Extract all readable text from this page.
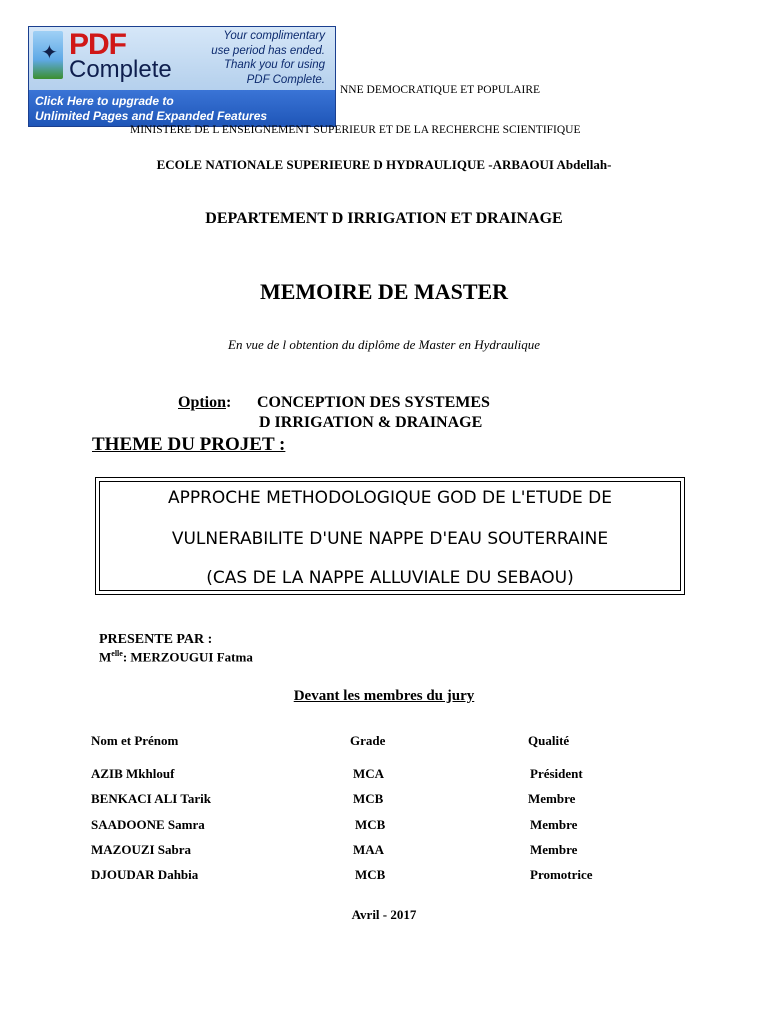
✦ PDF
Complete
Your complimentary
use period has ended.
Thank you for using
PDF Complete.
Click Here to upgrade to
Unlimited Pages and Expanded Features
NNE DEMOCRATIQUE ET POPULAIRE
MINISTERE DE L ENSEIGNEMENT SUPERIEUR ET DE LA RECHERCHE SCIENTIFIQUE
ECOLE NATIONALE SUPERIEURE D HYDRAULIQUE -ARBAOUI Abdellah-
DEPARTEMENT D IRRIGATION ET DRAINAGE
MEMOIRE DE MASTER
En vue de l obtention du diplôme de Master en Hydraulique
Option: CONCEPTION DES SYSTEMES
D IRRIGATION & DRAINAGE
THEME DU PROJET :
APPROCHE METHODOLOGIQUE GOD DE L'ETUDE DE
VULNERABILITE D'UNE NAPPE D'EAU SOUTERRAINE
(CAS DE LA NAPPE ALLUVIALE DU SEBAOU)
PRESENTE PAR :
$M^{elle}$: MERZOUGUI Fatma
Devant les membres du jury
Nom et Prénom	Grade	Qualité
AZIB Mkhlouf	MCA	Président
BENKACI ALI Tarik	MCB	Membre
SAADOONE Samra	MCB	Membre
MAZOUZI Sabra	MAA	Membre
DJOUDAR Dahbia	MCB	Promotrice
Avril - 2017
